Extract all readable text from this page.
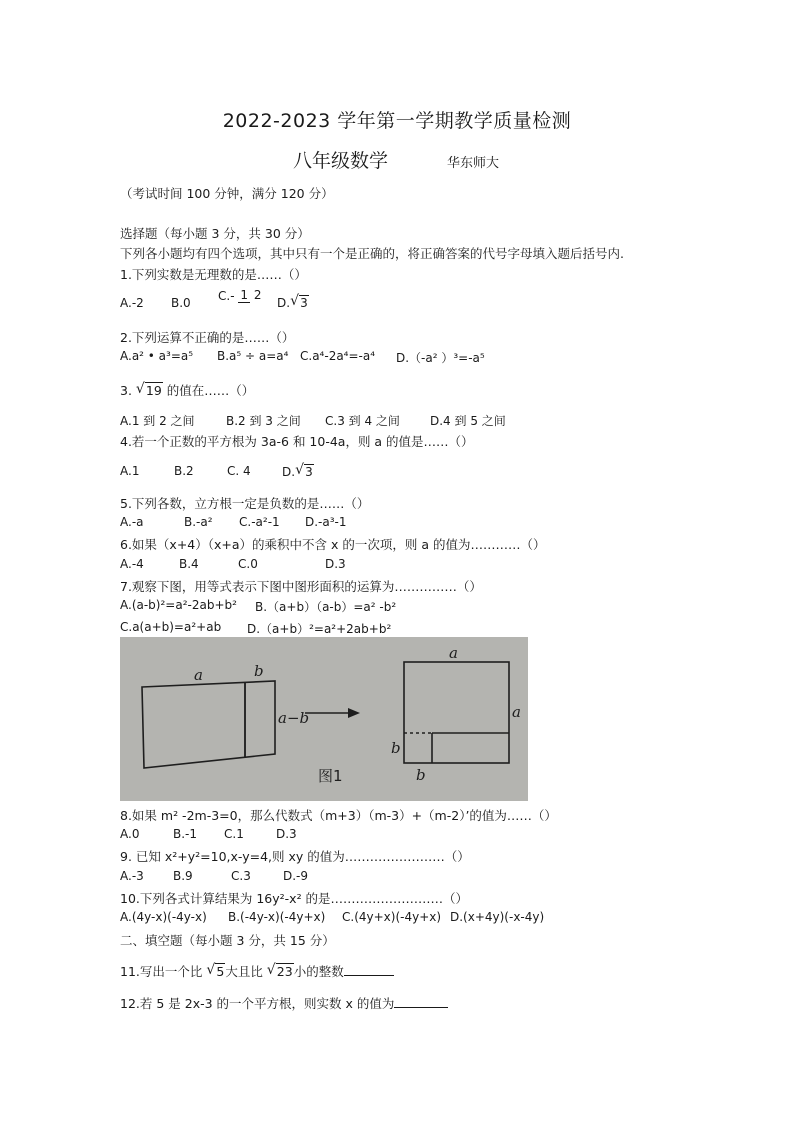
2022-2023 学年第一学期教学质量检测
八年级数学	华东师大
（考试时间 100 分钟，满分 120 分）
选择题（每小题 3 分，共 30 分）
下列各小题均有四个选项，其中只有一个是正确的，将正确答案的代号字母填入题后括号内.
1.下列实数是无理数的是……（）
A.-2 B.0
C.- 1 2
D.√ 3
2.下列运算不正确的是……（）
A.a² • a³=a⁵ B.a⁵ ÷ a=a⁴ C.a⁴-2a⁴=-a⁴ D.（-a² ）³=-a⁵
3. √ 19 的值在……（）
A.1 到 2 之间	B.2 到 3 之间 C.3 到 4 之间	D.4 到 5 之间
4.若一个正数的平方根为 3a-6 和 10-4a，则 a 的值是……（）
A.1	B.2	C. 4	D.√ 3
5.下列各数，立方根一定是负数的是……（）
A.-a	B.-a² C.-a²-1 D.-a³-1
6.如果（x+4）（x+a）的乘积中不含 x 的一次项，则 a 的值为…………（）
A.-4	B.4	C.0	D.3
7.观察下图，用等式表示下图中图形面积的运算为……………（）
A.(a-b)²=a²-2ab+b² B.（a+b）（a-b）=a² -b²
C.a(a+b)=a²+ab D.（a+b）²=a²+2ab+b²
a	b
a−b
a
a
b
b
图1
8.如果 m² -2m-3=0，那么代数式（m+3）（m-3）+（m-2）’的值为……（）
A.0	B.-1 C.1	D.3
9. 已知 x²+y²=10,x-y=4,则 xy 的值为……………………（）
A.-3 B.9	C.3	D.-9
10.下列各式计算结果为 16y²-x² 的是………………………（）
A.(4y-x)(-4y-x) B.(-4y-x)(-4y+x) C.(4y+x)(-4y+x) D.(x+4y)(-x-4y)
二、填空题（每小题 3 分，共 15 分）
11.写出一个比 √ 5大且比 √ 23小的整数
12.若 5 是 2x-3 的一个平方根，则实数 x 的值为
